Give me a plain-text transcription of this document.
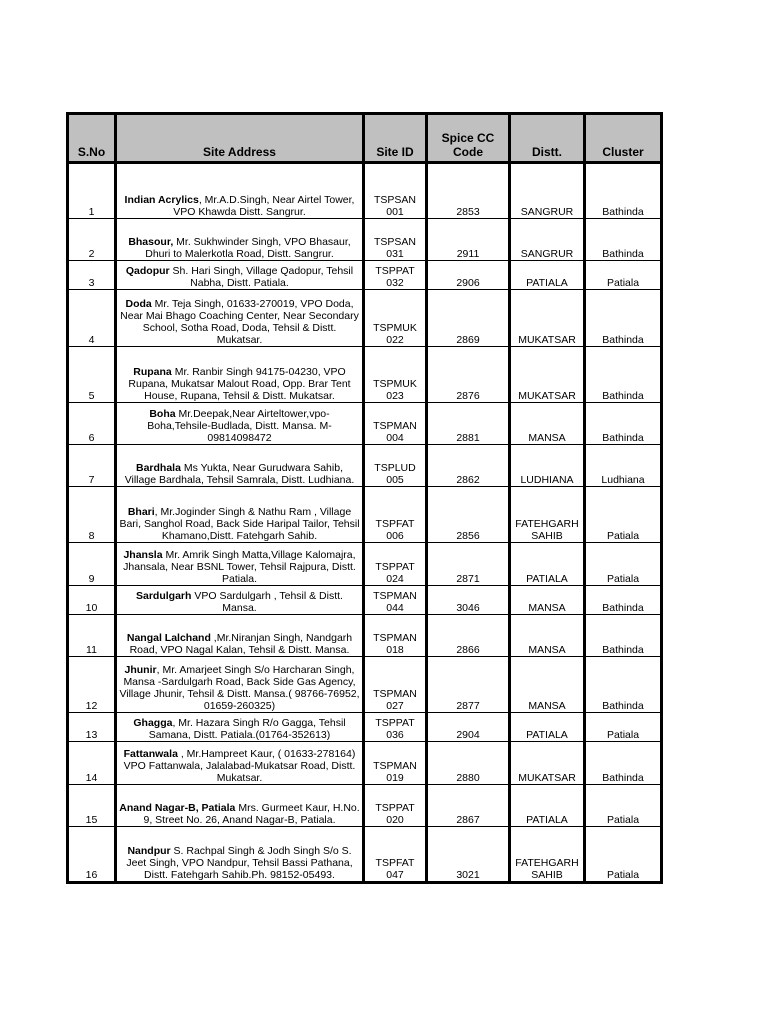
S.No	Site Address	Site ID	Spice CC Code	Distt.	Cluster
1	Indian Acrylics, Mr.A.D.Singh, Near Airtel Tower, VPO Khawda Distt. Sangrur.	TSPSAN 001	2853	SANGRUR	Bathinda
2	Bhasour, Mr. Sukhwinder Singh, VPO Bhasaur, Dhuri to Malerkotla Road, Distt. Sangrur.	TSPSAN 031	2911	SANGRUR	Bathinda
3	Qadopur Sh. Hari Singh, Village Qadopur, Tehsil Nabha, Distt. Patiala.	TSPPAT 032	2906	PATIALA	Patiala
4	Doda Mr. Teja Singh, 01633-270019, VPO Doda, Near Mai Bhago Coaching Center, Near Secondary School, Sotha Road, Doda, Tehsil & Distt. Mukatsar.	TSPMUK 022	2869	MUKATSAR	Bathinda
5	Rupana Mr. Ranbir Singh 94175-04230, VPO Rupana, Mukatsar Malout Road, Opp. Brar Tent House, Rupana, Tehsil & Distt. Mukatsar.	TSPMUK 023	2876	MUKATSAR	Bathinda
6	Boha Mr.Deepak,Near Airteltower,vpo-Boha,Tehsile-Budlada, Distt. Mansa. M-09814098472	TSPMAN 004	2881	MANSA	Bathinda
7	Bardhala Ms Yukta, Near Gurudwara Sahib, Village Bardhala, Tehsil Samrala, Distt. Ludhiana.	TSPLUD 005	2862	LUDHIANA	Ludhiana
8	Bhari, Mr.Joginder Singh & Nathu Ram , Village Bari, Sanghol Road, Back Side Haripal Tailor, Tehsil Khamano,Distt. Fatehgarh Sahib.	TSPFAT 006	2856	FATEHGARH SAHIB	Patiala
9	Jhansla Mr. Amrik Singh Matta,Village Kalomajra, Jhansala, Near BSNL Tower, Tehsil Rajpura, Distt. Patiala.	TSPPAT 024	2871	PATIALA	Patiala
10	Sardulgarh VPO Sardulgarh , Tehsil & Distt. Mansa.	TSPMAN 044	3046	MANSA	Bathinda
11	Nangal Lalchand ,Mr.Niranjan Singh, Nandgarh Road, VPO Nagal Kalan, Tehsil & Distt. Mansa.	TSPMAN 018	2866	MANSA	Bathinda
12	Jhunir, Mr. Amarjeet Singh S/o Harcharan Singh, Mansa -Sardulgarh Road, Back Side Gas Agency, Village Jhunir, Tehsil & Distt. Mansa.( 98766-76952, 01659-260325)	TSPMAN 027	2877	MANSA	Bathinda
13	Ghagga, Mr. Hazara Singh R/o Gagga, Tehsil Samana, Distt. Patiala.(01764-352613)	TSPPAT 036	2904	PATIALA	Patiala
14	Fattanwala , Mr.Hampreet Kaur, ( 01633-278164) VPO Fattanwala, Jalalabad-Mukatsar Road, Distt. Mukatsar.	TSPMAN 019	2880	MUKATSAR	Bathinda
15	Anand Nagar-B, Patiala Mrs. Gurmeet Kaur, H.No. 9, Street No. 26, Anand Nagar-B, Patiala.	TSPPAT 020	2867	PATIALA	Patiala
16	Nandpur S. Rachpal Singh & Jodh Singh S/o S. Jeet Singh, VPO Nandpur, Tehsil Bassi Pathana, Distt. Fatehgarh Sahib.Ph. 98152-05493.	TSPFAT 047	3021	FATEHGARH SAHIB	Patiala
